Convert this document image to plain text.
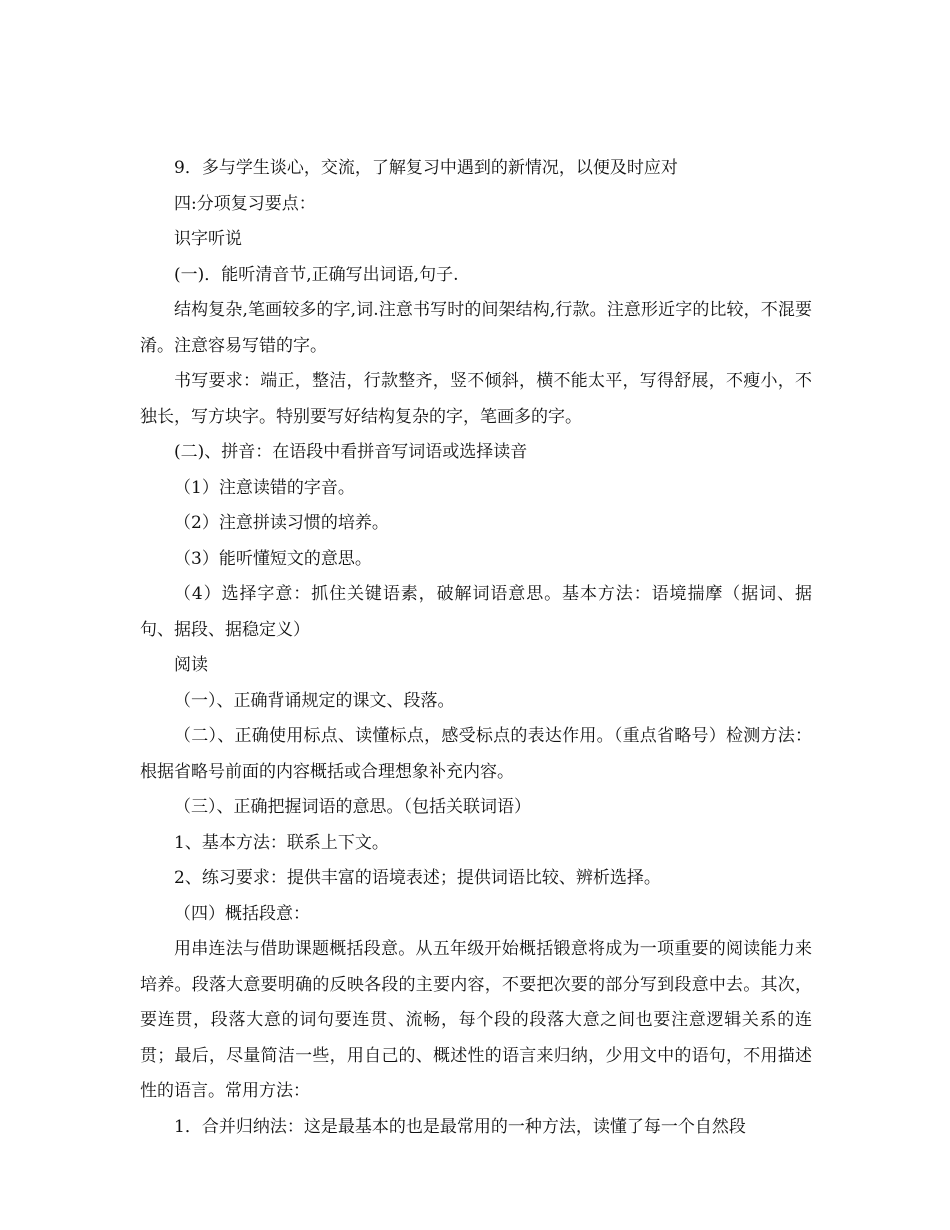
9．多与学生谈心，交流，了解复习中遇到的新情况，以便及时应对

四:分项复习要点：

识字听说

(一)．能听清音节,正确写出词语,句子.

结构复杂,笔画较多的字,词.注意书写时的间架结构,行款。注意形近字的比较，不混要淆。注意容易写错的字。

书写要求：端正，整洁，行款整齐，竖不倾斜，横不能太平，写得舒展，不瘦小，不独长，写方块字。特别要写好结构复杂的字，笔画多的字。

(二)、拼音：在语段中看拼音写词语或选择读音

（1）注意读错的字音。

（2）注意拼读习惯的培养。

（3）能听懂短文的意思。

（4）选择字意：抓住关键语素，破解词语意思。基本方法：语境揣摩（据词、据句、据段、据稳定义）

阅读

（一）、正确背诵规定的课文、段落。

（二）、正确使用标点、读懂标点，感受标点的表达作用。（重点省略号）检测方法：根据省略号前面的内容概括或合理想象补充内容。

（三）、正确把握词语的意思。（包括关联词语）

1、基本方法：联系上下文。

2、练习要求：提供丰富的语境表述；提供词语比较、辨析选择。

（四）概括段意：

用串连法与借助课题概括段意。从五年级开始概括锻意将成为一项重要的阅读能力来培养。段落大意要明确的反映各段的主要内容，不要把次要的部分写到段意中去。其次，要连贯，段落大意的词句要连贯、流畅，每个段的段落大意之间也要注意逻辑关系的连贯；最后，尽量简洁一些，用自己的、概述性的语言来归纳，少用文中的语句，不用描述性的语言。常用方法：

1．合并归纳法：这是最基本的也是最常用的一种方法，读懂了每一个自然段
